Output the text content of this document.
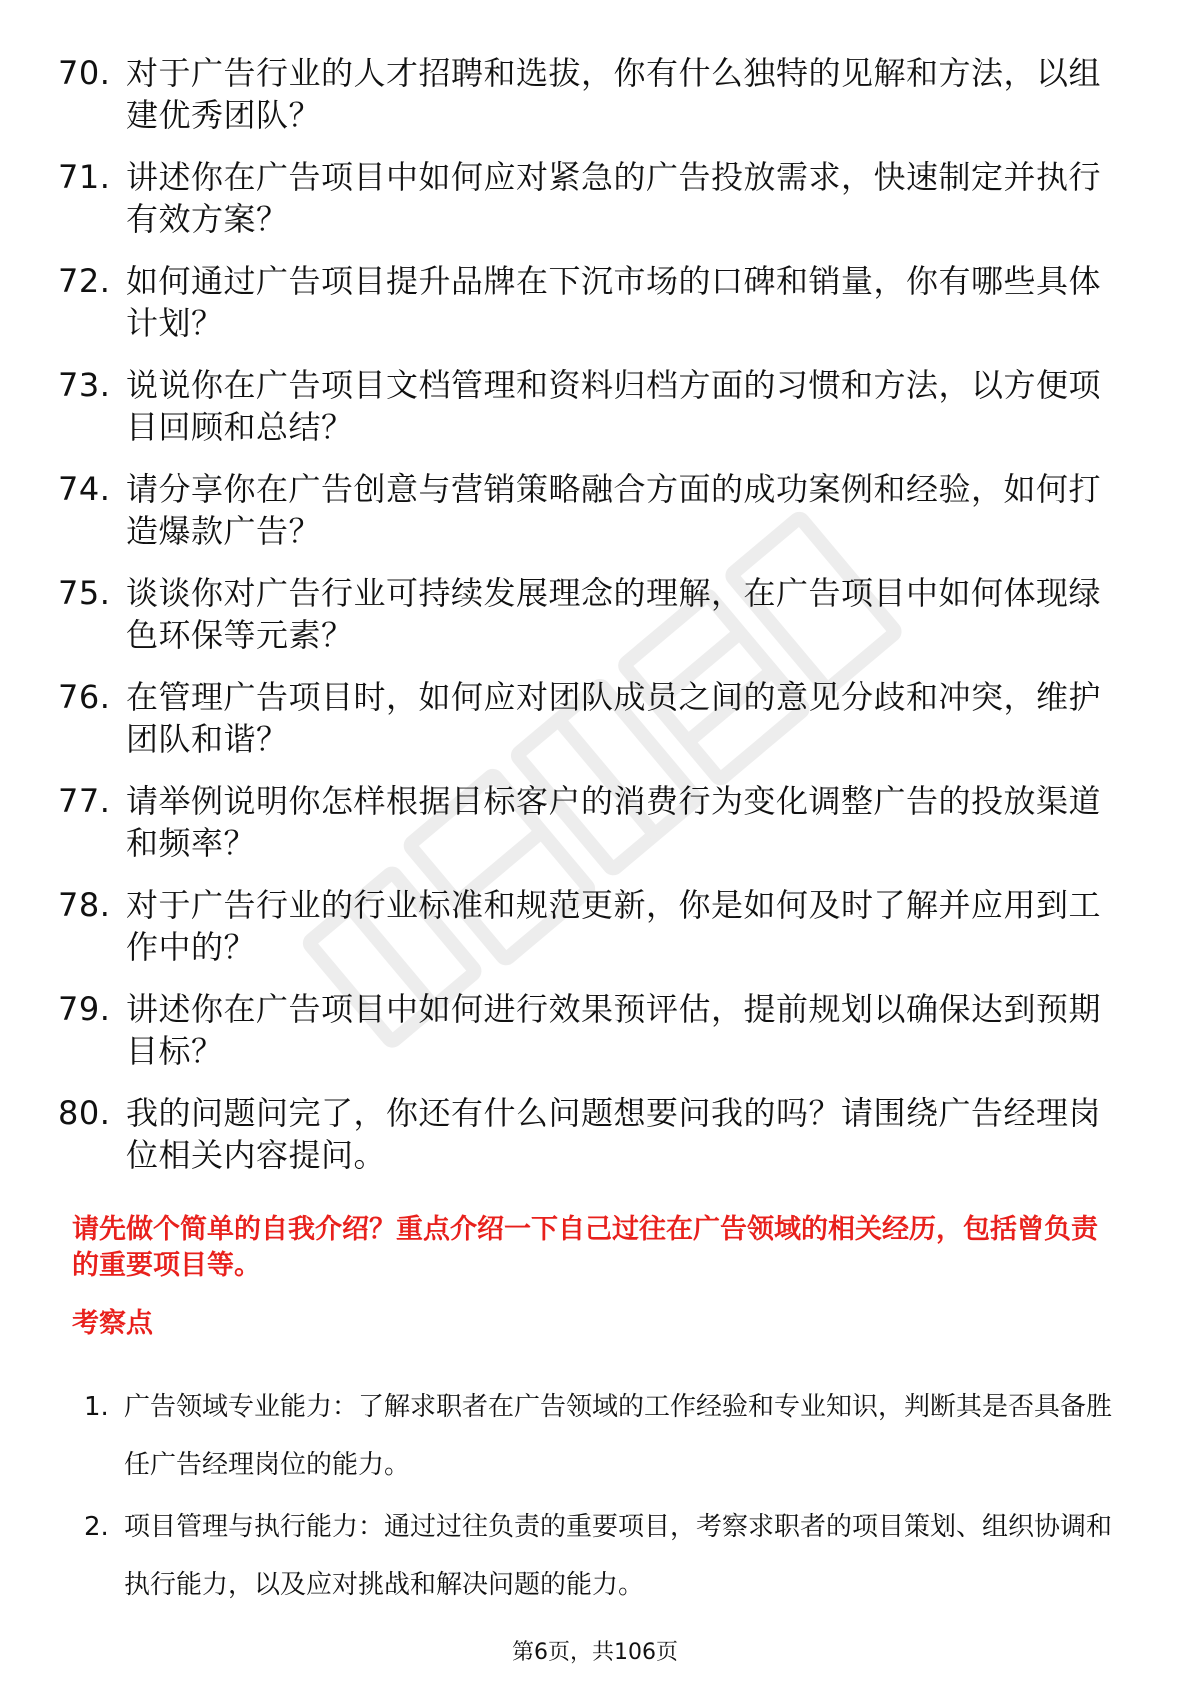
70. 对于广告行业的人才招聘和选拔，你有什么独特的见解和方法，以组建优秀团队？
71. 讲述你在广告项目中如何应对紧急的广告投放需求，快速制定并执行有效方案？
72. 如何通过广告项目提升品牌在下沉市场的口碑和销量，你有哪些具体计划？
73. 说说你在广告项目文档管理和资料归档方面的习惯和方法，以方便项目回顾和总结？
74. 请分享你在广告创意与营销策略融合方面的成功案例和经验，如何打造爆款广告？
75. 谈谈你对广告行业可持续发展理念的理解，在广告项目中如何体现绿色环保等元素？
76. 在管理广告项目时，如何应对团队成员之间的意见分歧和冲突，维护团队和谐？
77. 请举例说明你怎样根据目标客户的消费行为变化调整广告的投放渠道和频率？
78. 对于广告行业的行业标准和规范更新，你是如何及时了解并应用到工作中的？
79. 讲述你在广告项目中如何进行效果预评估，提前规划以确保达到预期目标？
80. 我的问题问完了，你还有什么问题想要问我的吗？请围绕广告经理岗位相关内容提问。
请先做个简单的自我介绍？重点介绍一下自己过往在广告领域的相关经历，包括曾负责的重要项目等。
考察点
1. 广告领域专业能力：了解求职者在广告领域的工作经验和专业知识，判断其是否具备胜任广告经理岗位的能力。
2. 项目管理与执行能力：通过过往负责的重要项目，考察求职者的项目策划、组织协调和执行能力，以及应对挑战和解决问题的能力。
第6页，共106页
